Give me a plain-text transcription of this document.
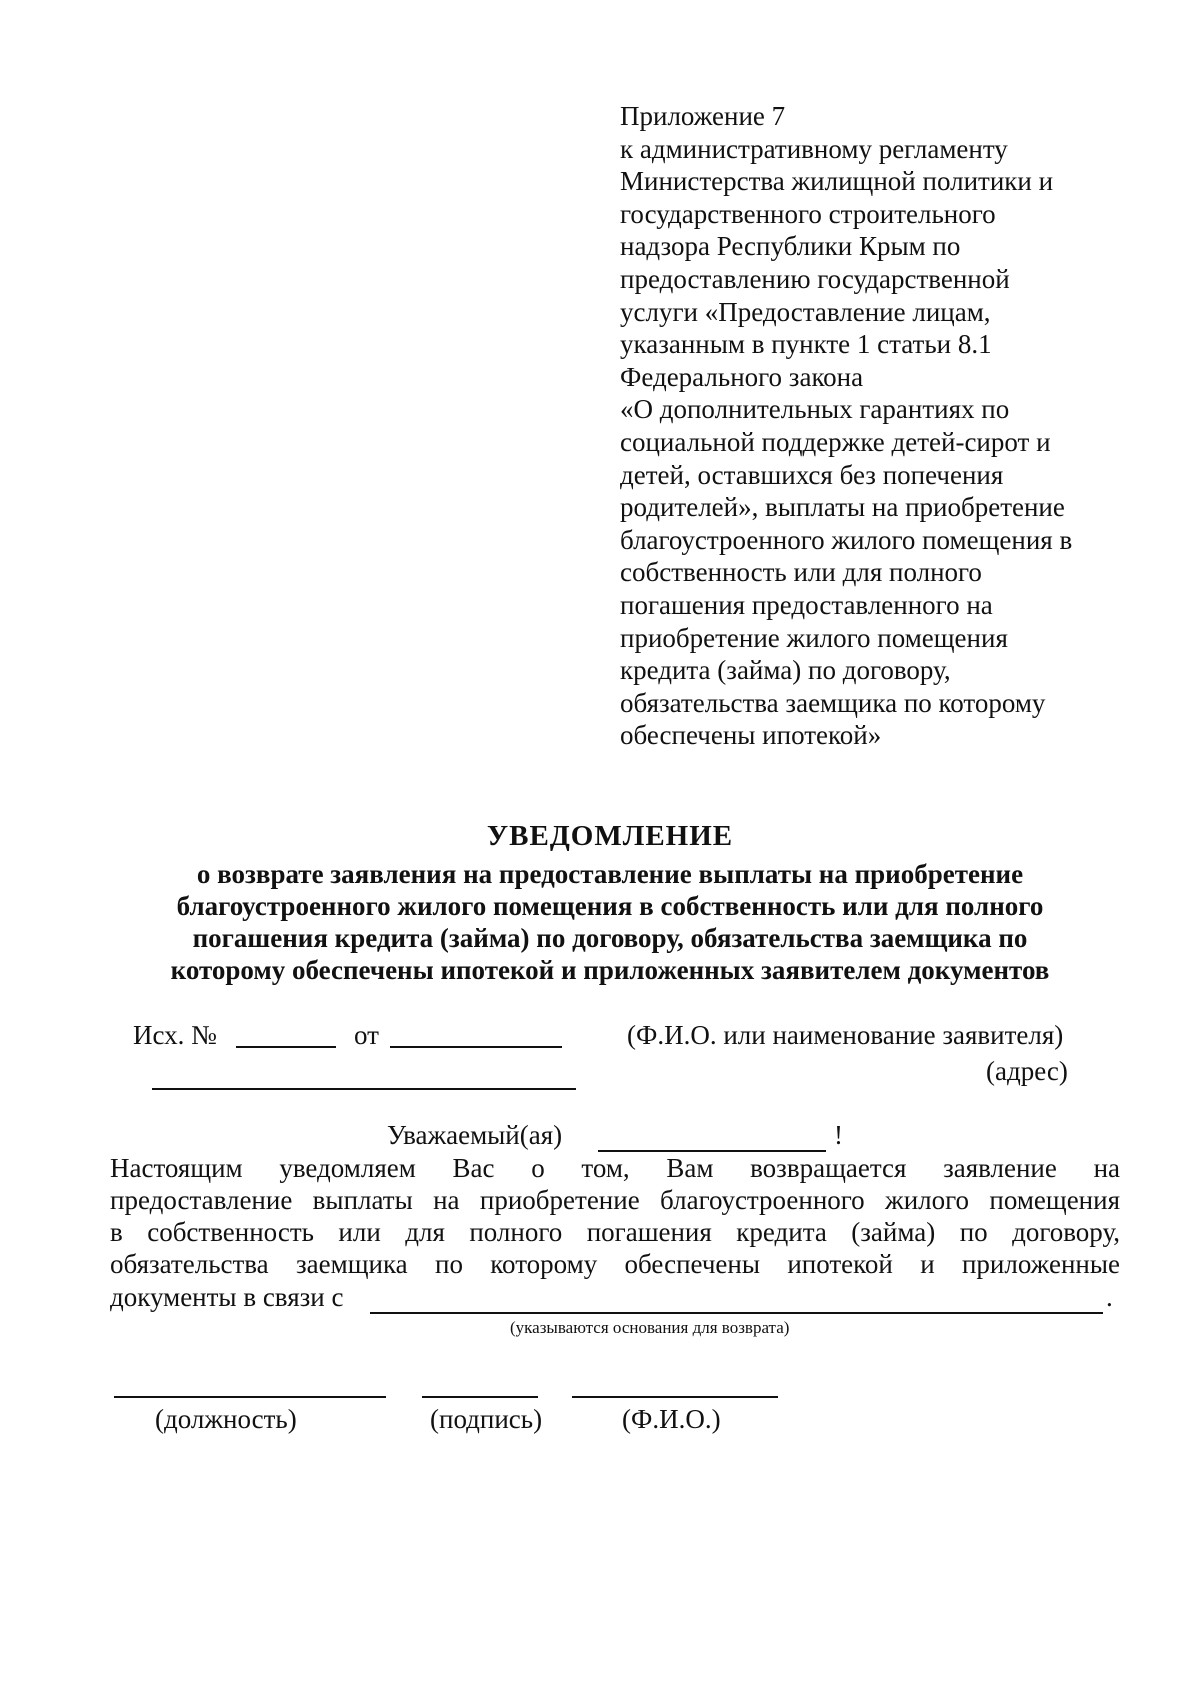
Приложение 7
к административному регламенту
Министерства жилищной политики и
государственного строительного
надзора Республики Крым по
предоставлению государственной
услуги «Предоставление лицам,
указанным в пункте 1 статьи 8.1
Федерального закона
«О дополнительных гарантиях по
социальной поддержке детей-сирот и
детей, оставшихся без попечения
родителей», выплаты на приобретение
благоустроенного жилого помещения в
собственность или для полного
погашения предоставленного на
приобретение жилого помещения
кредита (займа) по договору,
обязательства заемщика по которому
обеспечены ипотекой»
УВЕДОМЛЕНИЕ
о возврате заявления на предоставление выплаты на приобретение
благоустроенного жилого помещения в собственность или для полного
погашения кредита (займа) по договору, обязательства заемщика по
которому обеспечены ипотекой и приложенных заявителем документов
Исх. №	от	(Ф.И.О. или наименование заявителя)
(адрес)
Уважаемый(ая)	!
Настоящим уведомляем Вас о том, Вам возвращается заявление на
предоставление выплаты на приобретение благоустроенного жилого помещения
в собственность или для полного погашения кредита (займа) по договору,
обязательства заемщика по которому обеспечены ипотекой и приложенные
документы в связи с	.
(указываются основания для возврата)
(должность)	(подпись)	(Ф.И.О.)
